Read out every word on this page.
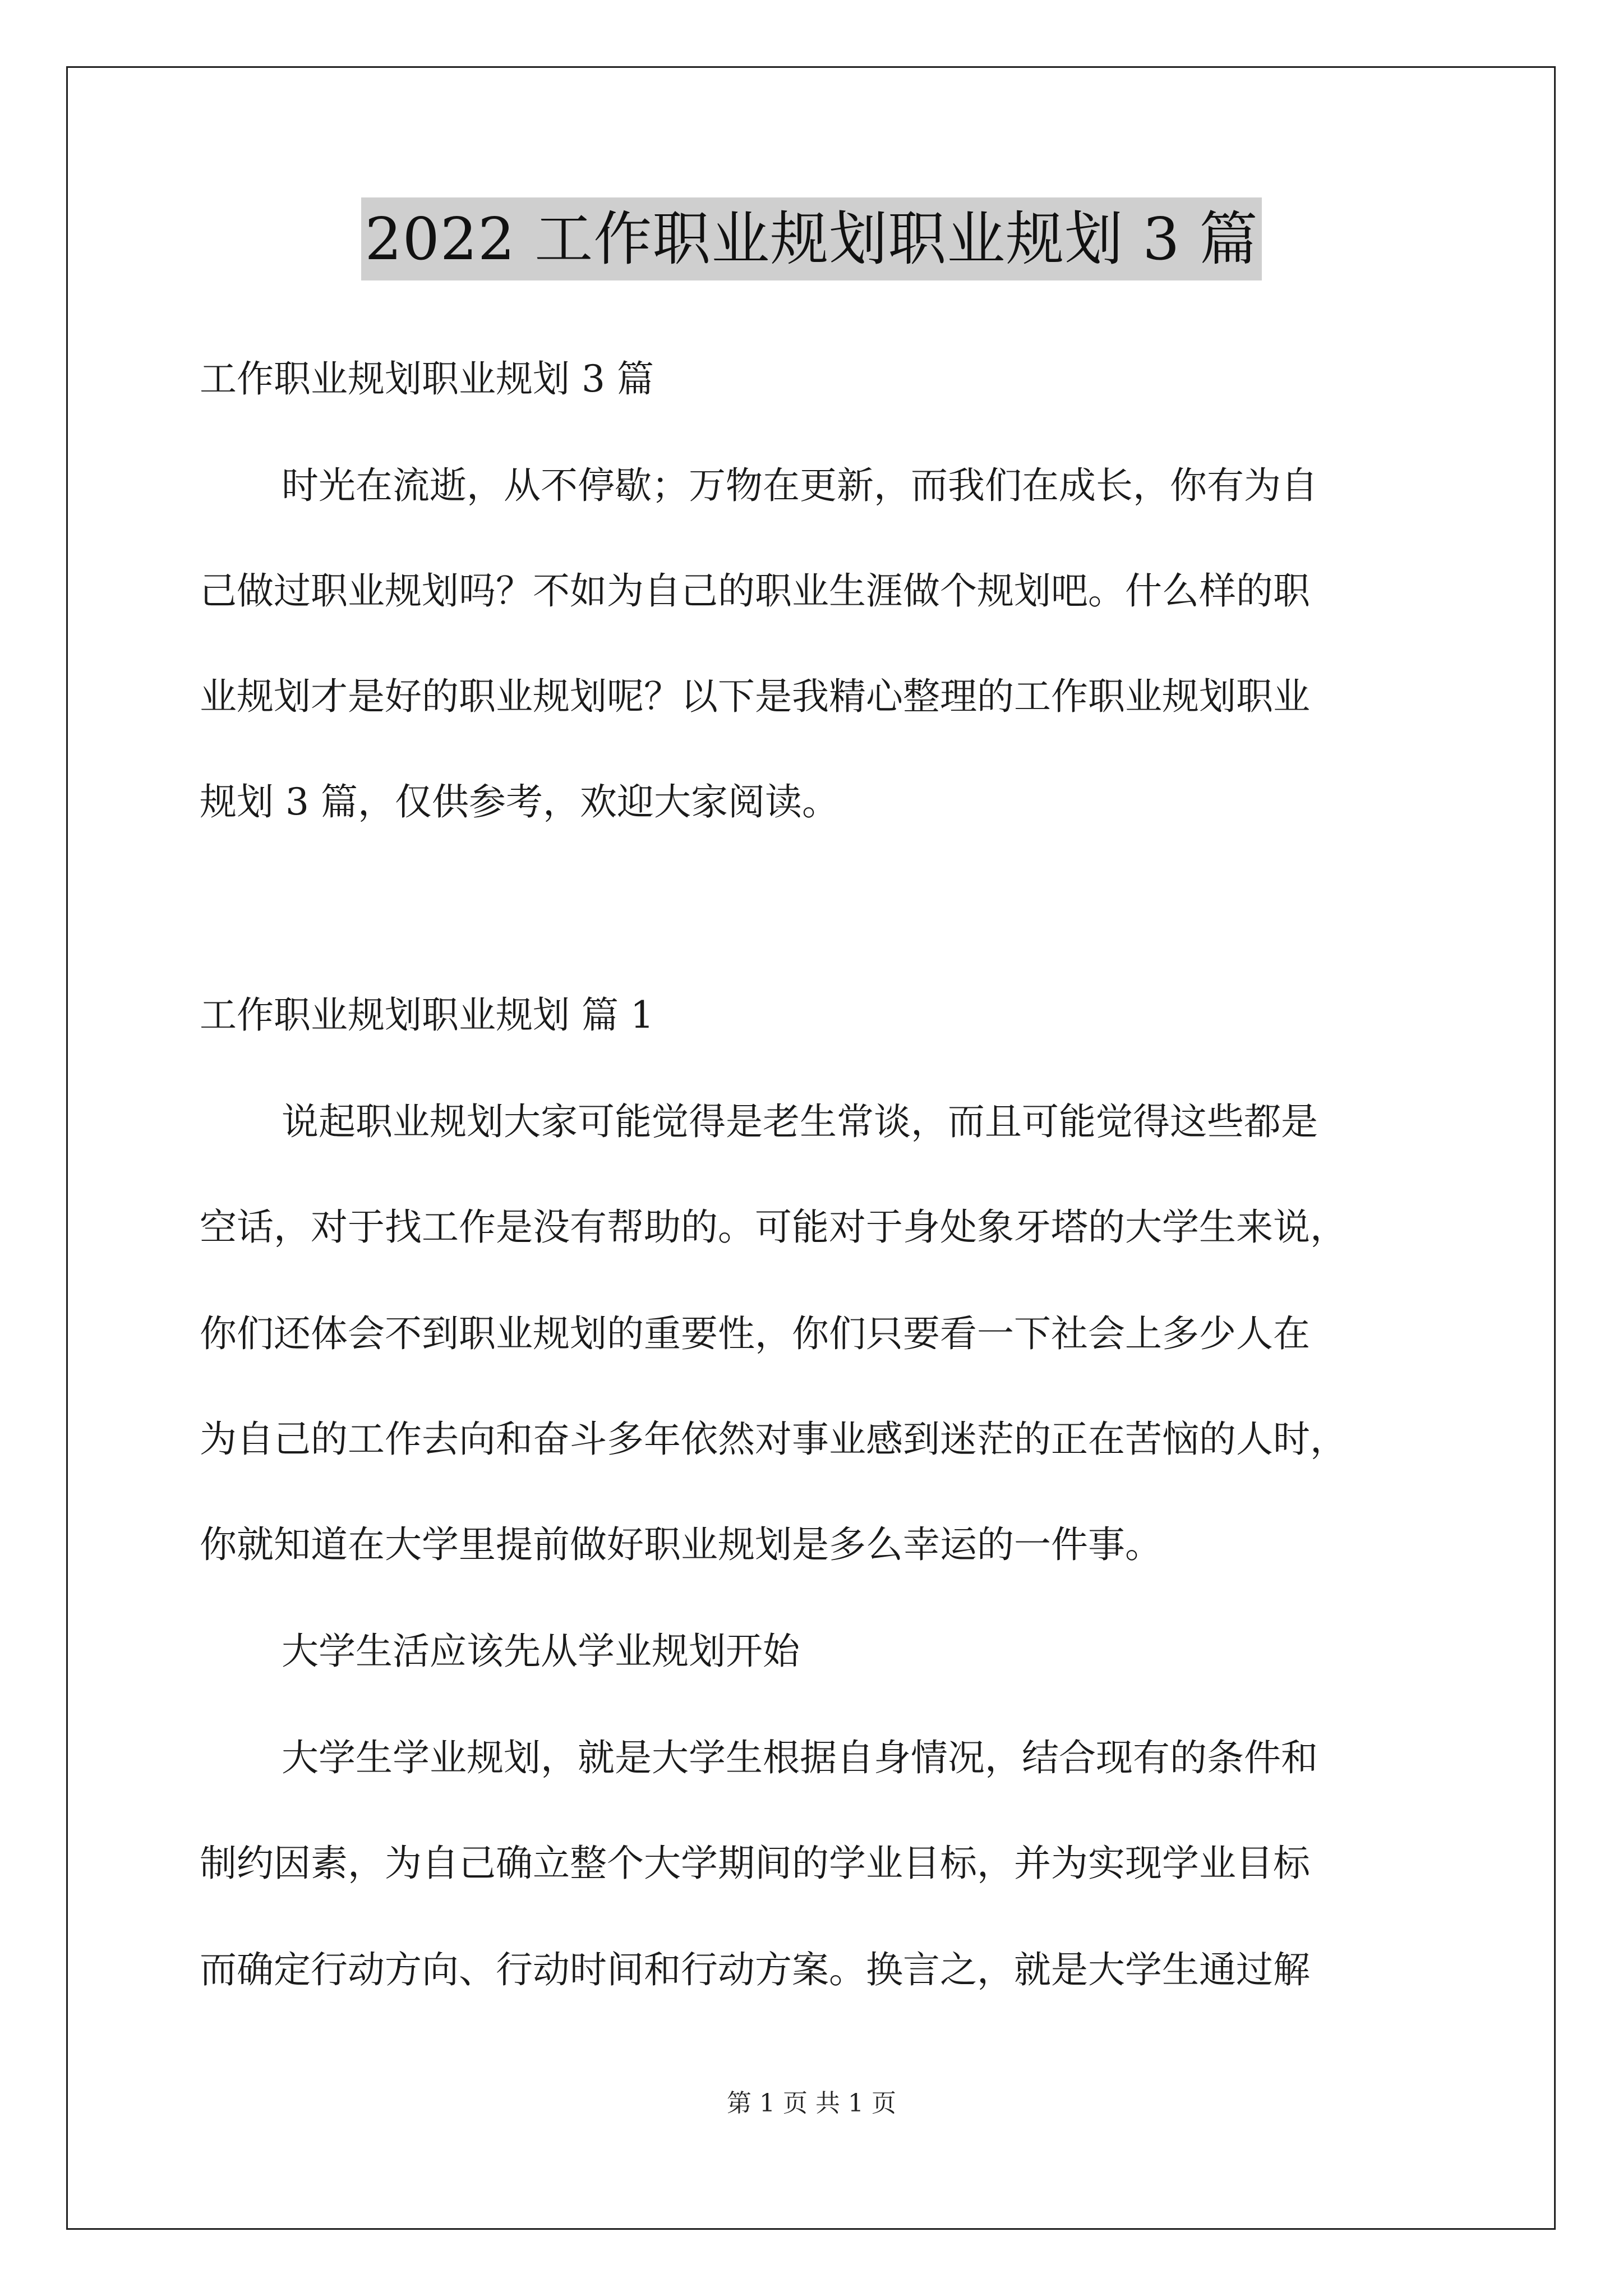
2022 工作职业规划职业规划 3 篇
工作职业规划职业规划 3 篇
时光在流逝，从不停歇；万物在更新，而我们在成长，你有为自
己做过职业规划吗？不如为自己的职业生涯做个规划吧。什么样的职
业规划才是好的职业规划呢？以下是我精心整理的工作职业规划职业
规划 3 篇，仅供参考，欢迎大家阅读。
工作职业规划职业规划 篇 1
说起职业规划大家可能觉得是老生常谈，而且可能觉得这些都是
空话，对于找工作是没有帮助的。可能对于身处象牙塔的大学生来说，
你们还体会不到职业规划的重要性，你们只要看一下社会上多少人在
为自己的工作去向和奋斗多年依然对事业感到迷茫的正在苦恼的人时，
你就知道在大学里提前做好职业规划是多么幸运的一件事。
大学生活应该先从学业规划开始
大学生学业规划，就是大学生根据自身情况，结合现有的条件和
制约因素，为自己确立整个大学期间的学业目标，并为实现学业目标
而确定行动方向、行动时间和行动方案。换言之，就是大学生通过解
第 1 页 共 1 页
